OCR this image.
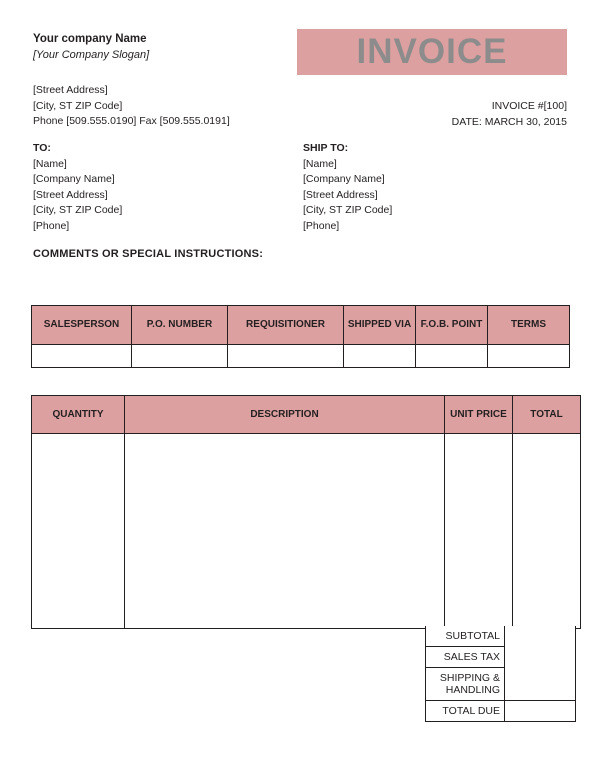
Your company Name
[Your Company Slogan]	INVOICE
[Street Address]
[City, ST ZIP Code]
Phone [509.555.0190] Fax [509.555.0191]
INVOICE #[100]
DATE: MARCH 30, 2015
TO:
[Name]
[Company Name]
[Street Address]
[City, ST ZIP Code]
[Phone]
SHIP TO:
[Name]
[Company Name]
[Street Address]
[City, ST ZIP Code]
[Phone]
COMMENTS OR SPECIAL INSTRUCTIONS:
SALESPERSON	P.O. NUMBER	REQUISITIONER	SHIPPED VIA	F.O.B. POINT	TERMS

QUANTITY	DESCRIPTION	UNIT PRICE	TOTAL

SUBTOTAL	
SALES TAX	
SHIPPING & HANDLING	
TOTAL DUE	
